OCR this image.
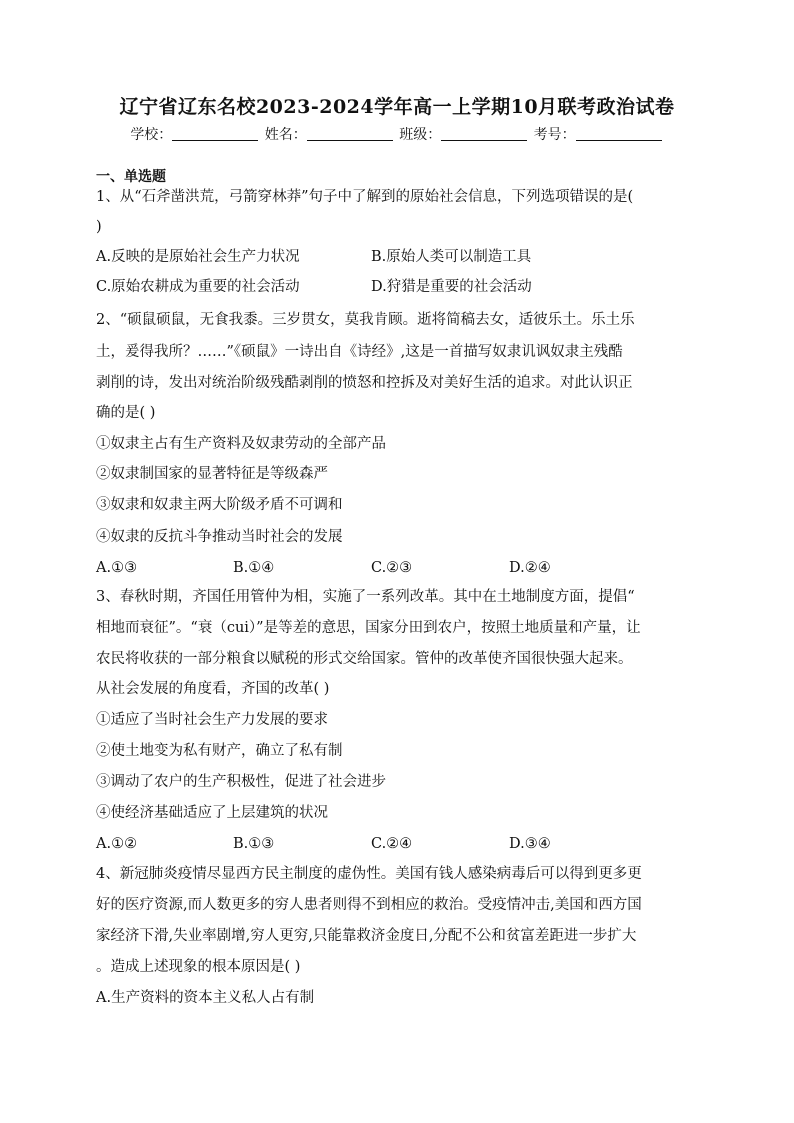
辽宁省辽东名校2023-2024学年高一上学期10月联考政治试卷
学校：	姓名：	班级：	考号：
一、单选题
1、从“石斧凿洪荒，弓箭穿林莽”句子中了解到的原始社会信息，下列选项错误的是(
)
A.反映的是原始社会生产力状况	B.原始人类可以制造工具
C.原始农耕成为重要的社会活动	D.狩猎是重要的社会活动
2、“硕鼠硕鼠，无食我黍。三岁贯女，莫我肯顾。逝将简稿去女，适彼乐土。乐土乐
土，爰得我所？……”《硕鼠》一诗出自《诗经》,这是一首描写奴隶讥讽奴隶主残酷
剥削的诗，发出对统治阶级残酷剥削的愤怒和控拆及对美好生活的追求。对此认识正
确的是( )
①奴隶主占有生产资料及奴隶劳动的全部产品
②奴隶制国家的显著特征是等级森严
③奴隶和奴隶主两大阶级矛盾不可调和
④奴隶的反抗斗争推动当时社会的发展
A.①③	B.①④	C.②③	D.②④
3、春秋时期，齐国任用管仲为相，实施了一系列改革。其中在土地制度方面，提倡“
相地而衰征”。“衰（cui）”是等差的意思，国家分田到农户，按照土地质量和产量，让
农民将收获的一部分粮食以赋税的形式交给国家。管仲的改革使齐国很快强大起来。
从社会发展的角度看，齐国的改革( )
①适应了当时社会生产力发展的要求
②使土地变为私有财产，确立了私有制
③调动了农户的生产积极性，促进了社会进步
④使经济基础适应了上层建筑的状况
A.①②	B.①③	C.②④	D.③④
4、新冠肺炎疫情尽显西方民主制度的虚伪性。美国有钱人感染病毒后可以得到更多更
好的医疗资源,而人数更多的穷人患者则得不到相应的救治。受疫情冲击,美国和西方国
家经济下滑,失业率剧增,穷人更穷,只能靠救济金度日,分配不公和贫富差距进一步扩大
。造成上述现象的根本原因是( )
A.生产资料的资本主义私人占有制
